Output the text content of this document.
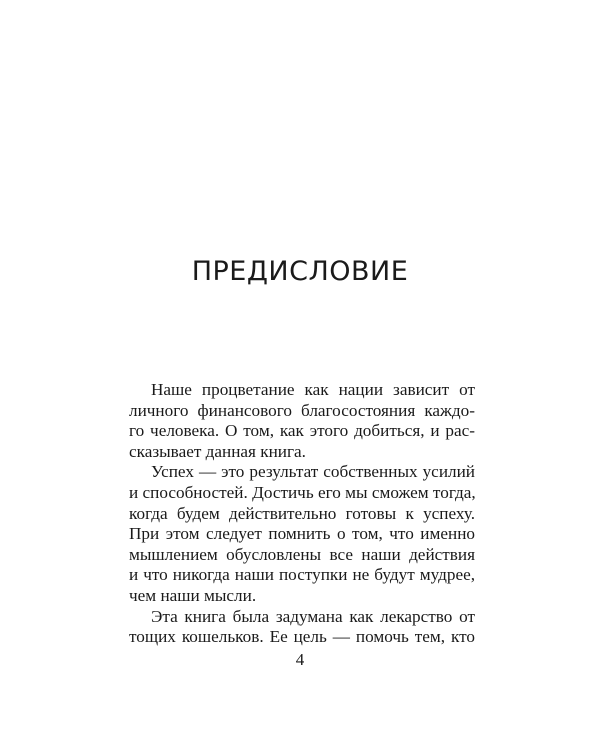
ПРЕДИСЛОВИЕ
Наше процветание как нации зависит от
личного финансового благосостояния каждо-
го человека. О том, как этого добиться, и рас-
сказывает данная книга.
Успех — это результат собственных усилий
и способностей. Достичь его мы сможем тогда,
когда будем действительно готовы к успеху.
При этом следует помнить о том, что именно
мышлением обусловлены все наши действия
и что никогда наши поступки не будут мудрее,
чем наши мысли.
Эта книга была задумана как лекарство от
тощих кошельков. Ее цель — помочь тем, кто
4
